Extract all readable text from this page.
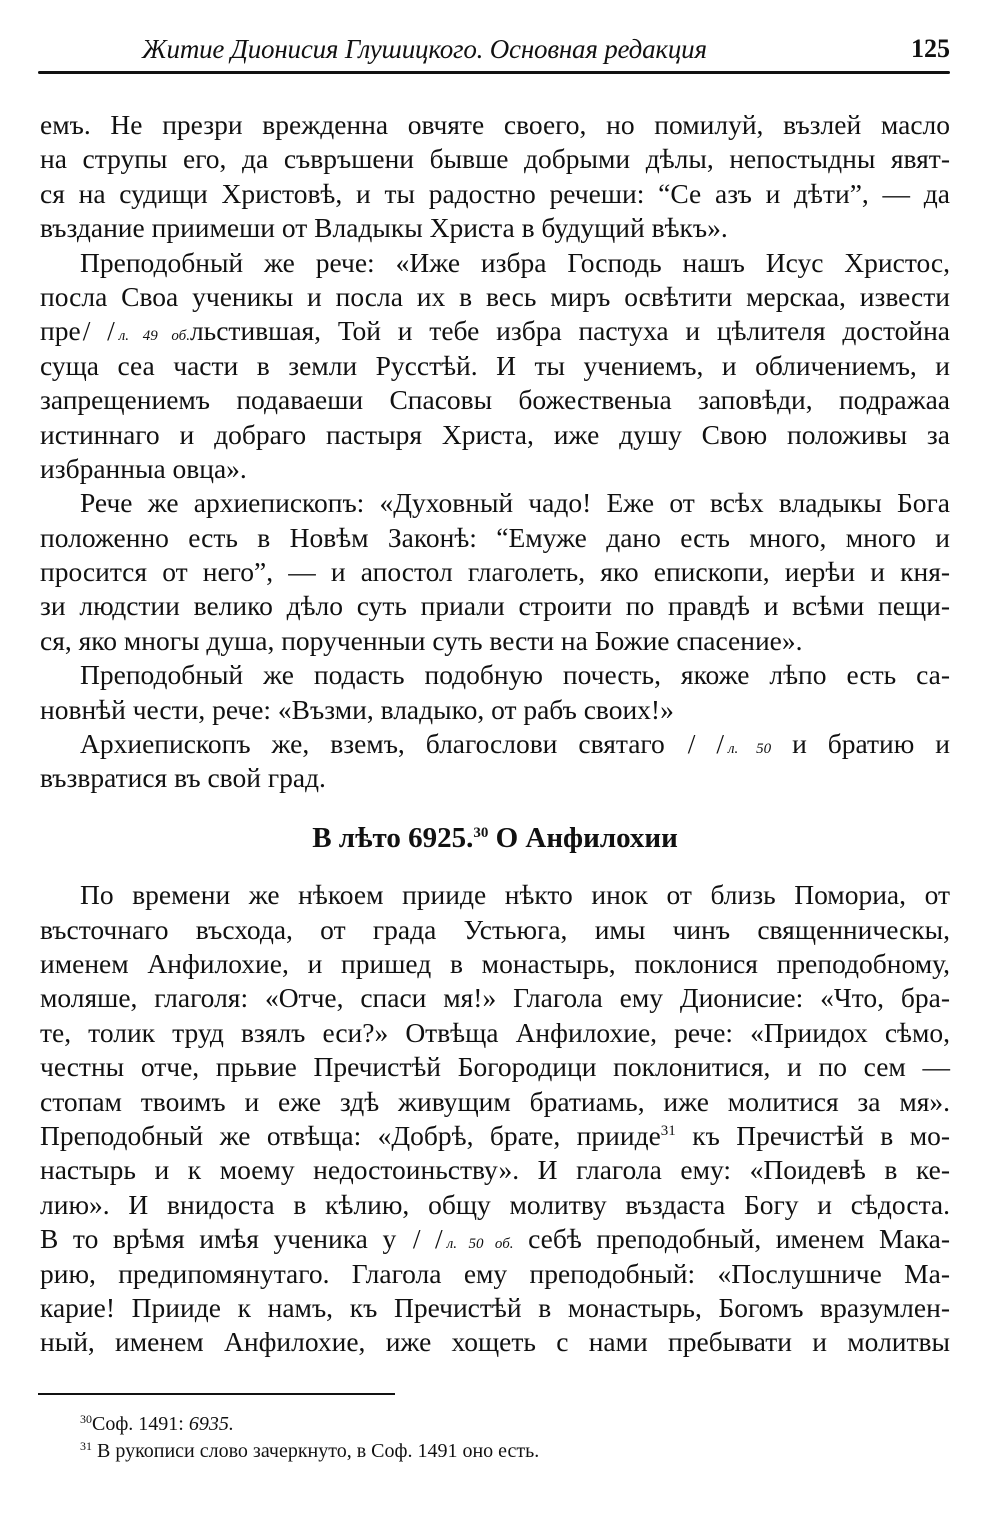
Житие Дионисия Глушицкого. Основная редакция	125
емъ. Не презри врежденна овчяте своего, но помилуй, възлей масло
на струпы его, да съвръшени бывше добрыми дѣлы, непостыдны явят-
ся на судищи Христовѣ, и ты радостно речеши: “Се азъ и дѣти”, — да
въздание приимеши от Владыкы Христа в будущий вѣкъ».
Преподобный же рече: «Иже избра Господь нашъ Исус Христос,
посла Своа ученикы и посла их в весь миръ освѣтити мерскаа, извести
пре/ / л. 49 об.льстившая, Той и тебе избра пастуха и цѣлителя достойна
суща сеа части в земли Русстѣй. И ты учениемъ, и обличениемъ, и
запрещениемъ подаваеши Спасовы божественыа заповѣди, подражаа
истиннаго и добраго пастыря Христа, иже душу Свою положивы за
избранныа овца».
Рече же архиепископъ: «Духовный чадо! Еже от всѣх владыкы Бога
положенно есть в Новѣм Законѣ: “Емуже дано есть много, много и
просится от него”, — и апостол глаголеть, яко епископи, иерѣи и кня-
зи людстии велико дѣло суть приали строити по правдѣ и всѣми пещи-
ся, яко многы душа, порученныи суть вести на Божие спасение».
Преподобный же подасть подобную почесть, якоже лѣпо есть са-
новнѣй чести, рече: «Възми, владыко, от рабъ своих!»
Архиепископъ же, вземъ, благослови святаго / / л. 50 и братию и
възвратися въ свой град.
В лѣто 6925.30 О Анфилохии
По времени же нѣкоем прииде нѣкто инок от близь Помориа, от
въсточнаго въсхода, от града Устьюга, имы чинъ священническы,
именем Анфилохие, и пришед в монастырь, поклонися преподобному,
моляше, глаголя: «Отче, спаси мя!» Глагола ему Дионисие: «Что, бра-
те, толик труд взялъ еси?» Отвѣща Анфилохие, рече: «Приидох сѣмо,
честны отче, прьвие Пречистѣй Богородици поклонитися, и по сем —
стопам твоимъ и еже здѣ живущим братиамь, иже молитися за мя».
Преподобный же отвѣща: «Добрѣ, брате, прииде$^{31}$ къ Пречистѣй в мо-
настырь и к моему недостоиньству». И глагола ему: «Поидевѣ в ке-
лию». И внидоста в кѣлию, общу молитву въздаста Богу и сѣдоста.
В то врѣмя имѣя ученика у / / л. 50 об. себѣ преподобный, именем Мака-
рию, предипомянутаго. Глагола ему преподобный: «Послушниче Ма-
карие! Прииде к намъ, къ Пречистѣй в монастырь, Богомъ вразумлен-
ный, именем Анфилохие, иже хощеть с нами пребывати и молитвы
$^{30}$Соф. 1491: 6935.
$^{31}$ В рукописи слово зачеркнуто, в Соф. 1491 оно есть.
